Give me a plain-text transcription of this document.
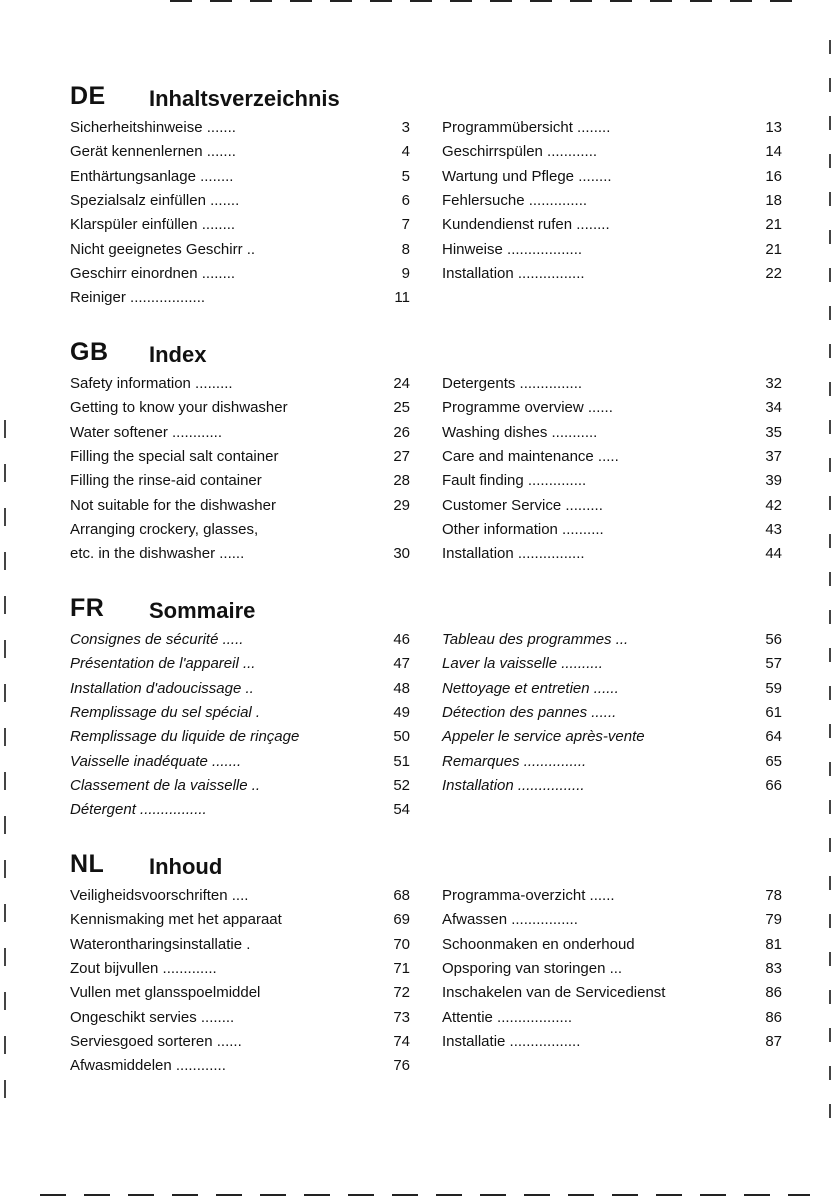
DE Inhaltsverzeichnis
Sicherheitshinweise .......	3
Gerät kennenlernen .......	4
Enthärtungsanlage ........	5
Spezialsalz einfüllen .......	6
Klarspüler einfüllen ........	7
Nicht geeignetes Geschirr ..	8
Geschirr einordnen ........	9
Reiniger ..................	11
Programmübersicht ........	13
Geschirrspülen ............	14
Wartung und Pflege ........	16
Fehlersuche ..............	18
Kundendienst rufen ........	21
Hinweise ..................	21
Installation ................	22
GB Index
Safety information .........	24
Getting to know your dishwasher	25
Water softener ............	26
Filling the special salt container	27
Filling the rinse-aid container	28
Not suitable for the dishwasher	29
Arranging crockery, glasses,
etc. in the dishwasher ......	30
Detergents ...............	32
Programme overview ......	34
Washing dishes ...........	35
Care and maintenance .....	37
Fault finding ..............	39
Customer Service .........	42
Other information ..........	43
Installation ................	44
FR Sommaire
Consignes de sécurité .....	46
Présentation de l'appareil ...	47
Installation d'adoucissage ..	48
Remplissage du sel spécial .	49
Remplissage du liquide de rinçage	50
Vaisselle inadéquate .......	51
Classement de la vaisselle ..	52
Détergent ................	54
Tableau des programmes ...	56
Laver la vaisselle ..........	57
Nettoyage et entretien ......	59
Détection des pannes ......	61
Appeler le service après-vente	64
Remarques ...............	65
Installation ................	66
NL Inhoud
Veiligheidsvoorschriften ....	68
Kennismaking met het apparaat	69
Waterontharingsinstallatie .	70
Zout bijvullen .............	71
Vullen met glansspoelmiddel	72
Ongeschikt servies ........	73
Serviesgoed sorteren ......	74
Afwasmiddelen ............	76
Programma-overzicht ......	78
Afwassen ................	79
Schoonmaken en onderhoud	81
Opsporing van storingen ...	83
Inschakelen van de Servicedienst	86
Attentie ..................	86
Installatie .................	87
